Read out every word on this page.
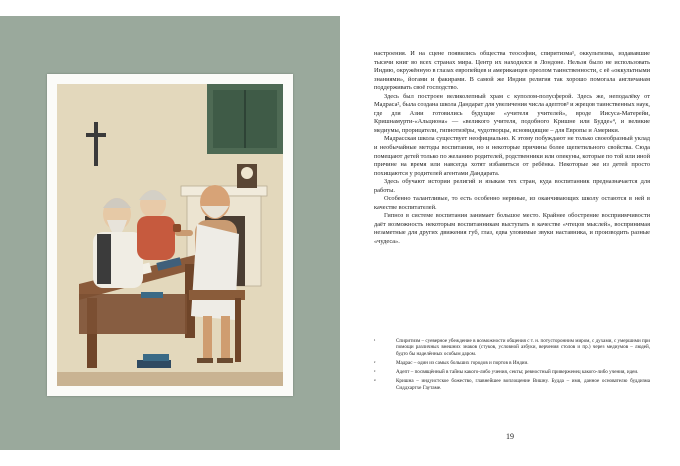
настроения. И на сцене появились общества теософии, спиритизма¹, оккультизма, издававшие тысячи книг во всех странах мира. Центр их находился в Лондоне. Нельзя было не использовать Индию, окружённую в глазах европейцев и американцев ореолом таинственности, с её «оккультными знаниями», йогами и факирами. В самой же Индии религия так хорошо помогала англичанам поддерживать своё господство.

Здесь был построен великолепный храм с куполом-полусферой. Здесь же, неподалёку от Мадраса², была создана школа Дандарат для увеличения числа адептов³ и жрецов таинственных наук, где для Азии готовились будущие «учителя учителей», вроде Иисуса-Матерейи, Кришнамурти-«Альционa» — «великого учителя, подобного Кришне или Будде»⁴, и великие медиумы, прорицатели, гипнотизёры, чудотворцы, ясновидящие – для Европы и Америки.

Мадрасская школа существует неофициально. К этому побуждают не только своеобразный уклад и необычайные методы воспитания, но и некоторые причины более щепетильного свойства. Сюда помещают детей только по желанию родителей, родственники или опекуны, которые по той или иной причине на время или навсегда хотят избавиться от ребёнка. Некоторые же из детей просто похищаются у родителей агентами Дандарата.

Здесь обучают истории религий и языкам тех стран, куда воспитанник предназначается для работы.

Особенно талантливые, то есть особенно нервные, из оканчивающих школу остаются в ней в качестве воспитателей.

Гипноз в системе воспитания занимает большое место. Крайнее обострение восприимчивости даёт возможность некоторым воспитанникам выступать в качестве «чтецов мыслей», воспринимая незаметные для других движения губ, глаз, едва уловимые звуки наставника, и производить разные «чудеса».

¹	Спиритизм – суеверное убеждение в возможности общения с т. н. потусторонним миром, с духами, с умершими при помощи различных внешних знаков (стуков, условной азбуки, верчения столов и пр.) через медиумов – людей, будто бы наделённых особым даром.
²	Мадрас – один из самых больших городов и портов в Индии.
³	Адепт – посвящённый в тайны какого-либо учения, секты; ревностный приверженец какого-либо учения, идеи.
⁴	Кришна – индуистское божество, главнейшее воплощение Вишну. Будда – имя, данное основателю буддизма Сиддхартхе Гаутаме.
19
